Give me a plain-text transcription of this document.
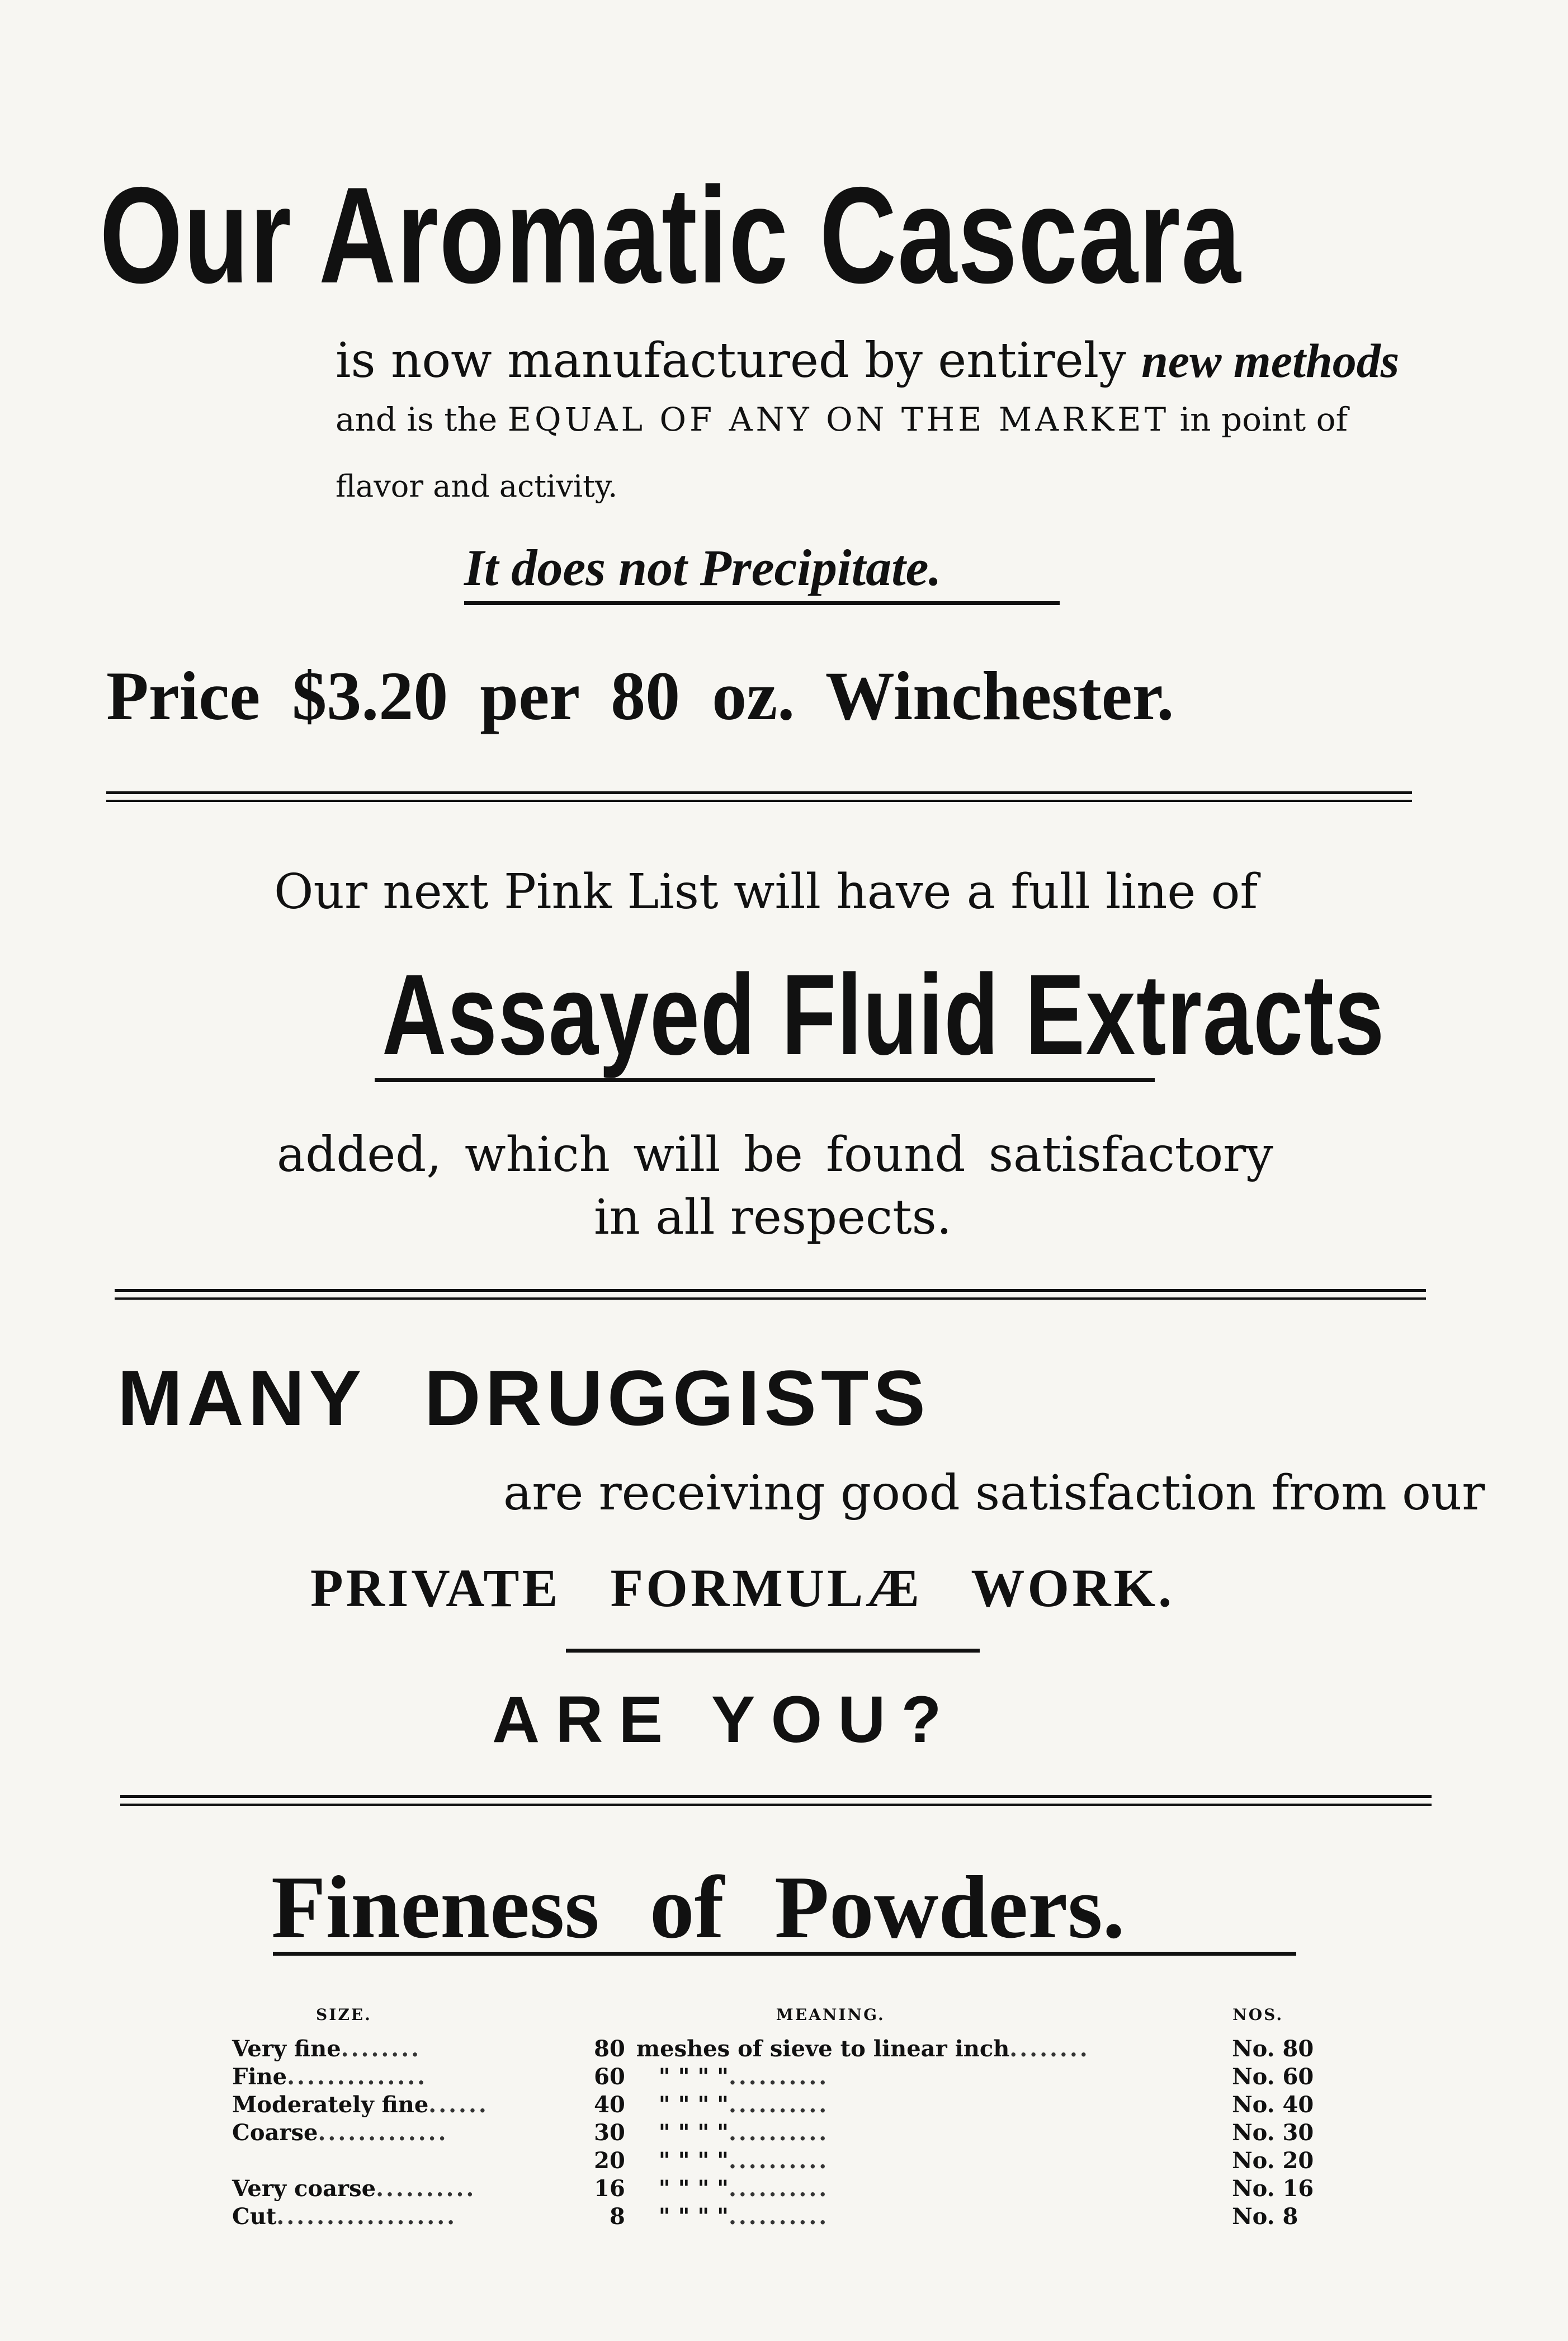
Our Aromatic Cascara
is now manufactured by entirely new methods
and is the EQUAL OF ANY ON THE MARKET in point of
flavor and activity.
It does not Precipitate.
Price $3.20 per 80 oz. Winchester.
Our next Pink List will have a full line of
Assayed Fluid Extracts
added, which will be found satisfactory
in all respects.
MANY DRUGGISTS
are receiving good satisfaction from our
PRIVATE FORMULÆ WORK.
ARE YOU?
Fineness of Powders.
SIZE.		MEANING.	NOS.
Very fine........	80	meshes of sieve to linear inch........	No. 80
Fine..............	60	" " " "..........	No. 60
Moderately fine......	40	" " " "..........	No. 40
Coarse.............	30	" " " "..........	No. 30
	20	" " " "..........	No. 20
Very coarse..........	16	" " " "..........	No. 16
Cut..................	8	" " " "..........	No. 8
